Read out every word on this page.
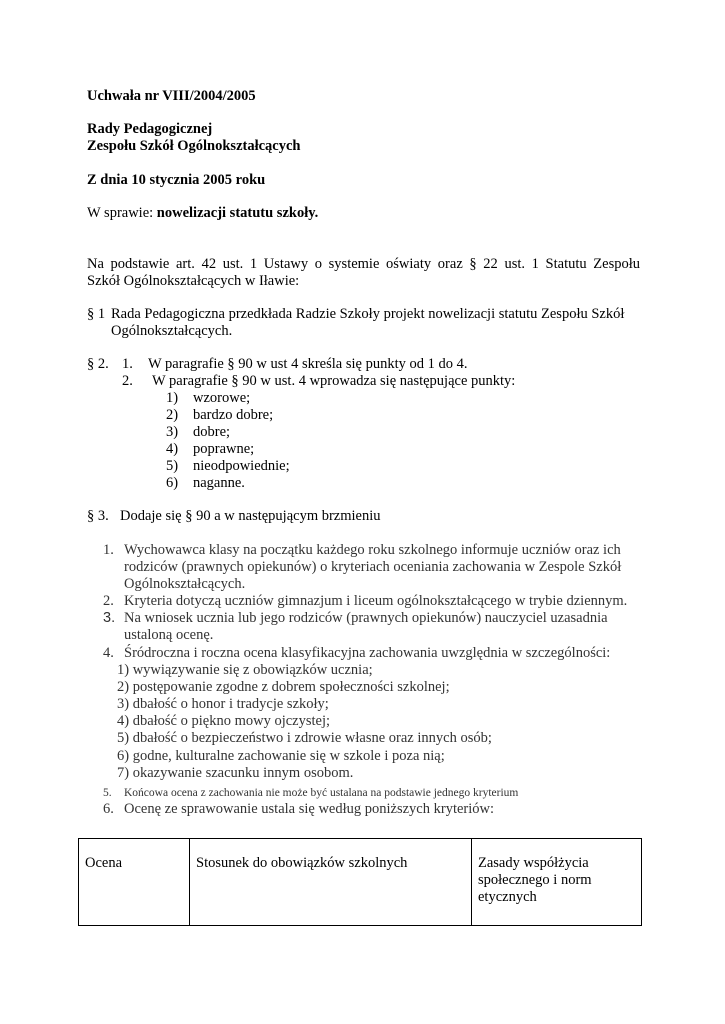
Uchwała nr VIII/2004/2005
Rady Pedagogicznej
Zespołu Szkół Ogólnokształcących
Z dnia 10 stycznia 2005 roku
W sprawie: nowelizacji statutu szkoły.
Na podstawie art. 42 ust. 1 Ustawy o systemie oświaty oraz § 22 ust. 1 Statutu Zespołu
Szkół Ogólnokształcących w Iławie:
§ 1 Rada Pedagogiczna przedkłada Radzie Szkoły projekt nowelizacji statutu Zespołu Szkół
Ogólnokształcących.
§ 2. 1. W paragrafie § 90 w ust 4 skreśla się punkty od 1 do 4.
2. W paragrafie § 90 w ust. 4 wprowadza się następujące punkty:
1) wzorowe;
2) bardzo dobre;
3) dobre;
4) poprawne;
5) nieodpowiednie;
6) naganne.
§ 3. Dodaje się § 90 a w następującym brzmieniu
1. Wychowawca klasy na początku każdego roku szkolnego informuje uczniów oraz ich
rodziców (prawnych opiekunów) o kryteriach oceniania zachowania w Zespole Szkół
Ogólnokształcących.
2. Kryteria dotyczą uczniów gimnazjum i liceum ogólnokształcącego w trybie dziennym.
3. Na wniosek ucznia lub jego rodziców (prawnych opiekunów) nauczyciel uzasadnia
ustaloną ocenę.
4. Śródroczna i roczna ocena klasyfikacyjna zachowania uwzględnia w szczególności:
1) wywiązywanie się z obowiązków ucznia;
2) postępowanie zgodne z dobrem społeczności szkolnej;
3) dbałość o honor i tradycje szkoły;
4) dbałość o piękno mowy ojczystej;
5) dbałość o bezpieczeństwo i zdrowie własne oraz innych osób;
6) godne, kulturalne zachowanie się w szkole i poza nią;
7) okazywanie szacunku innym osobom.
5. Końcowa ocena z zachowania nie może być ustalana na podstawie jednego kryterium
6. Ocenę ze sprawowanie ustala się według poniższych kryteriów:
Ocena	Stosunek do obowiązków szkolnych	Zasady współżycia
społecznego i norm
etycznych
